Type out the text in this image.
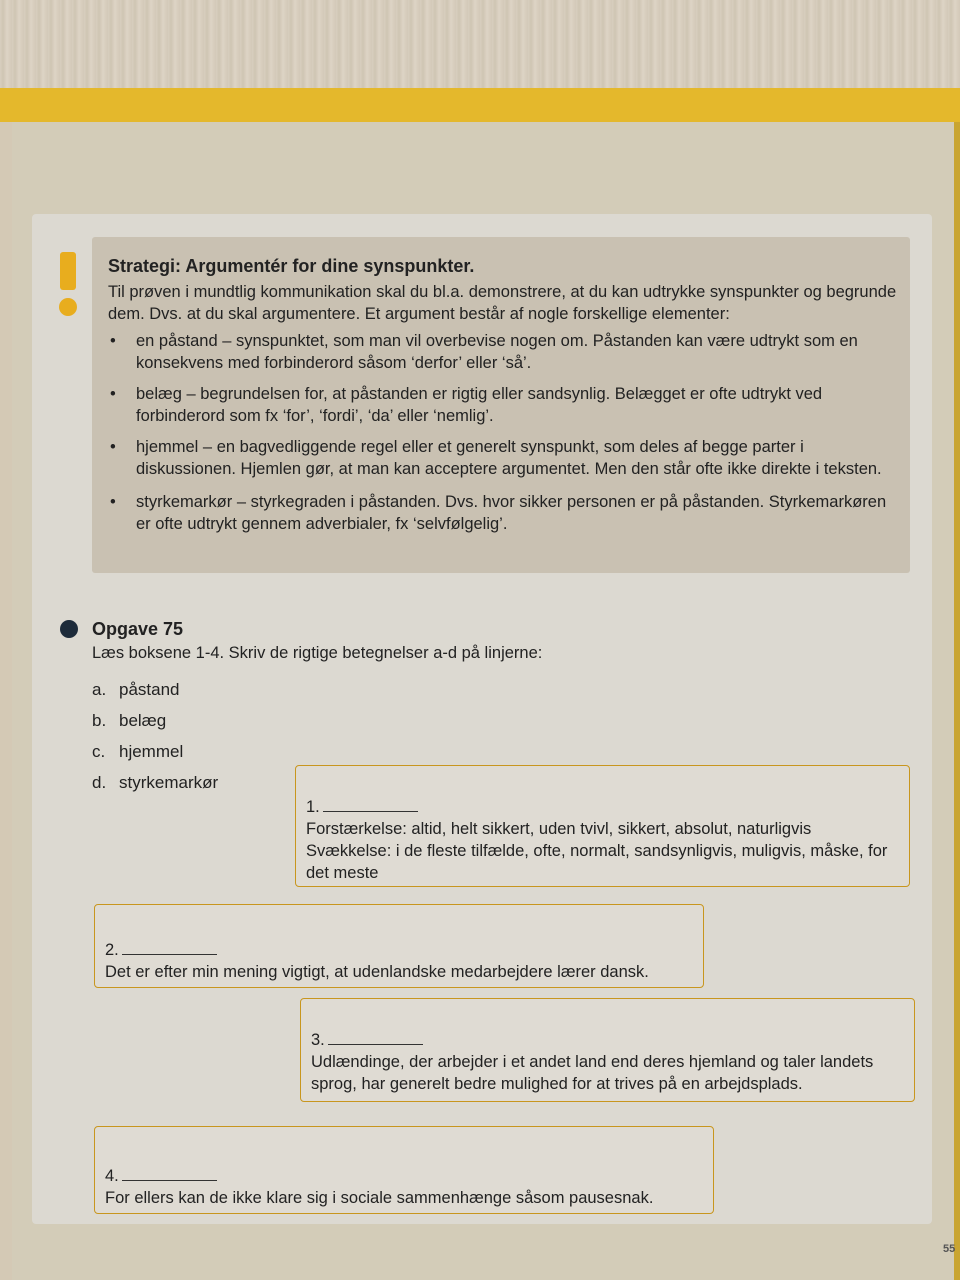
Strategi: Argumentér for dine synspunkter.
Til prøven i mundtlig kommunikation skal du bl.a. demonstrere, at du kan udtrykke synspunkter og begrunde dem. Dvs. at du skal argumentere. Et argument består af nogle forskellige elementer:
• en påstand – synspunktet, som man vil overbevise nogen om. Påstanden kan være udtrykt som en konsekvens med forbinderord såsom ‘derfor’ eller ‘så’.
• belæg – begrundelsen for, at påstanden er rigtig eller sandsynlig. Belægget er ofte udtrykt ved forbinderord som fx ‘for’, ‘fordi’, ‘da’ eller ‘nemlig’.
• hjemmel – en bagvedliggende regel eller et generelt synspunkt, som deles af begge parter i diskussionen. Hjemlen gør, at man kan acceptere argumentet. Men den står ofte ikke direkte i teksten.
• styrkemarkør – styrkegraden i påstanden. Dvs. hvor sikker personen er på påstanden. Styrkemarkøren er ofte udtrykt gennem adverbialer, fx ‘selvfølgelig’.
Opgave 75
Læs boksene 1-4. Skriv de rigtige betegnelser a-d på linjerne:
a. påstand
b. belæg
c. hjemmel
d. styrkemarkør
1.
Forstærkelse: altid, helt sikkert, uden tvivl, sikkert, absolut, naturligvis
Svækkelse: i de fleste tilfælde, ofte, normalt, sandsynligvis, muligvis, måske, for det meste
2.
Det er efter min mening vigtigt, at udenlandske medarbejdere lærer dansk.
3.
Udlændinge, der arbejder i et andet land end deres hjemland og taler landets sprog, har generelt bedre mulighed for at trives på en arbejdsplads.
4.
For ellers kan de ikke klare sig i sociale sammenhænge såsom pausesnak.
55
